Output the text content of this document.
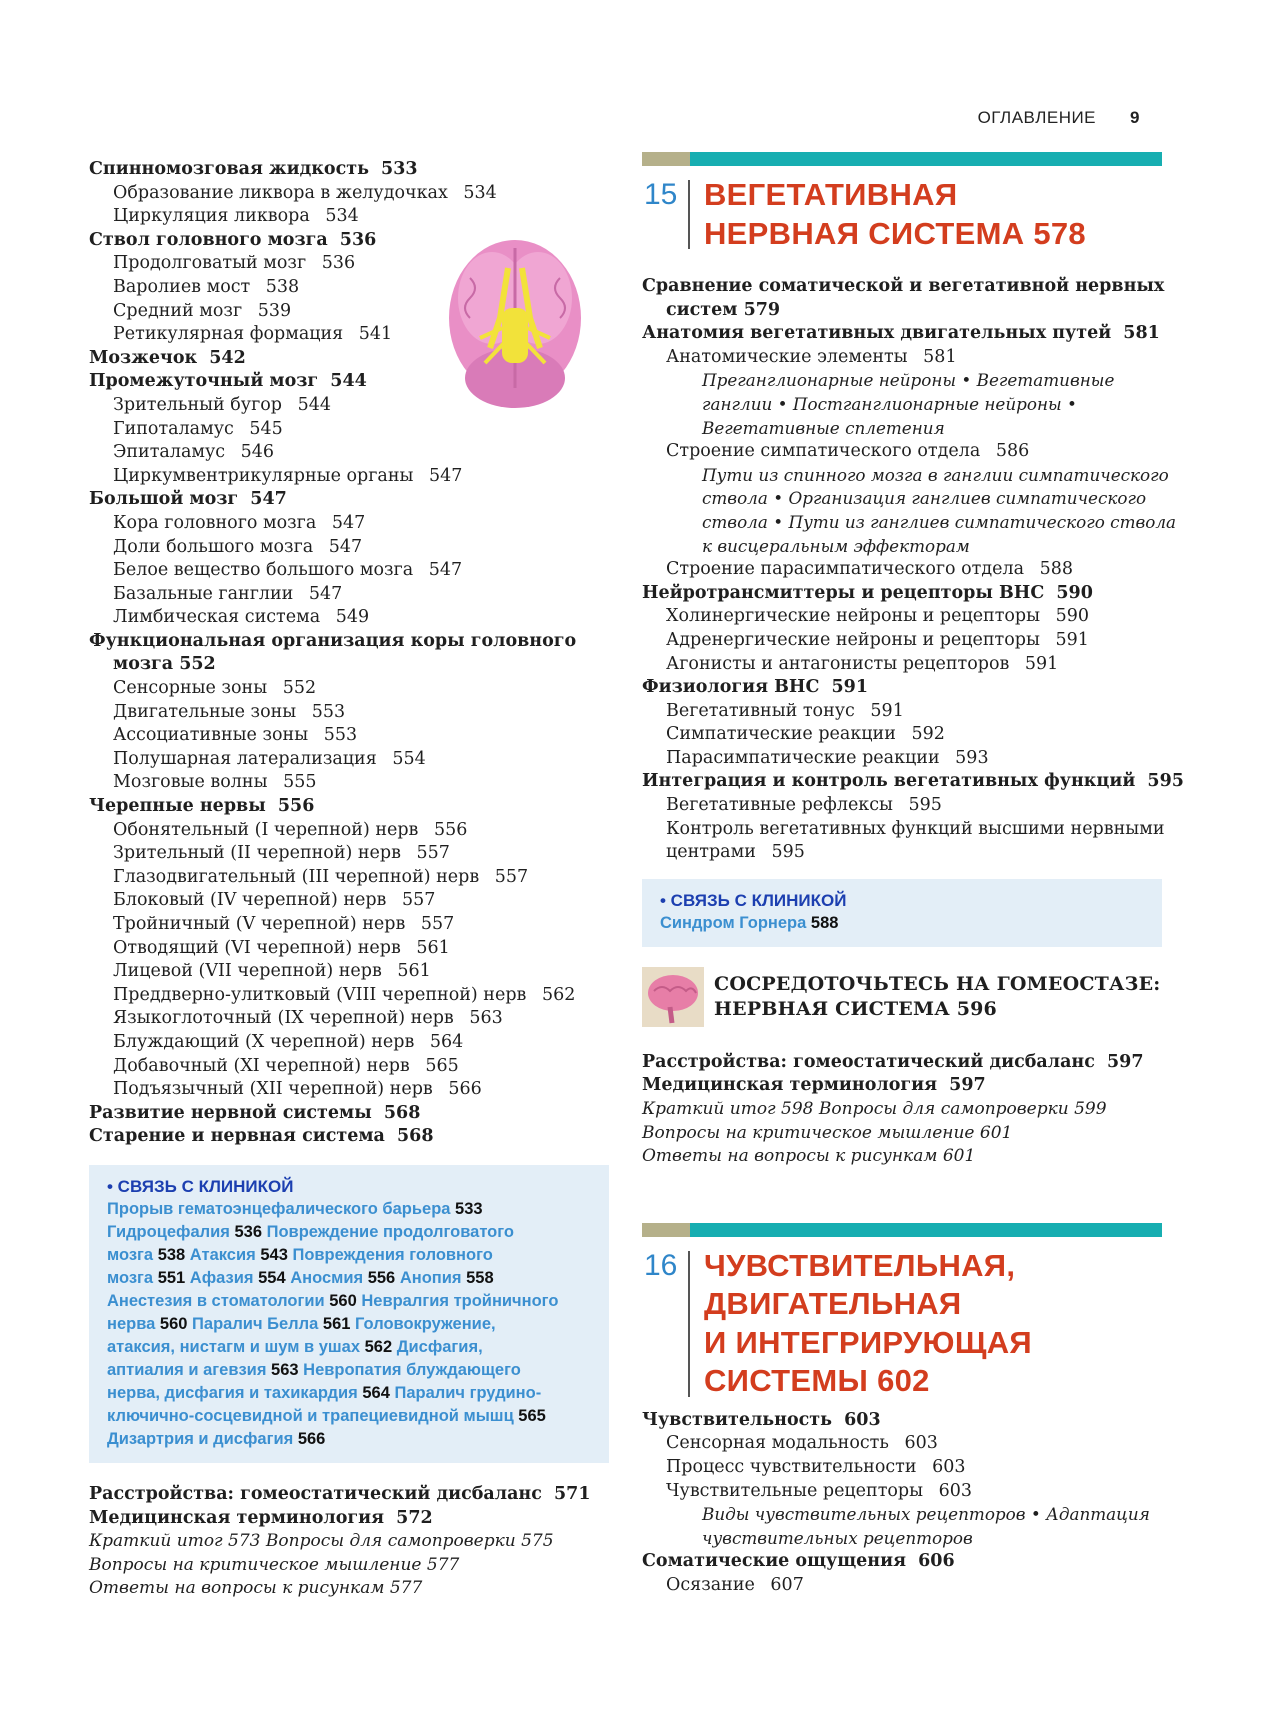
ОГЛАВЛЕНИЕ 9
Спинномозговая жидкость 533
Образование ликвора в желудочках 534
Циркуляция ликвора 534
Ствол головного мозга 536
Продолговатый мозг 536
Варолиев мост 538
Средний мозг 539
Ретикулярная формация 541
Мозжечок 542
Промежуточный мозг 544
Зрительный бугор 544
Гипоталамус 545
Эпиталамус 546
Циркумвентрикулярные органы 547
Большой мозг 547
Кора головного мозга 547
Доли большого мозга 547
Белое вещество большого мозга 547
Базальные ганглии 547
Лимбическая система 549
Функциональная организация коры головного
мозга 552
Сенсорные зоны 552
Двигательные зоны 553
Ассоциативные зоны 553
Полушарная латерализация 554
Мозговые волны 555
Черепные нервы 556
Обонятельный (I черепной) нерв 556
Зрительный (II черепной) нерв 557
Глазодвигательный (III черепной) нерв 557
Блоковый (IV черепной) нерв 557
Тройничный (V черепной) нерв 557
Отводящий (VI черепной) нерв 561
Лицевой (VII черепной) нерв 561
Преддверно-улитковый (VIII черепной) нерв 562
Языкоглоточный (IX черепной) нерв 563
Блуждающий (X черепной) нерв 564
Добавочный (XI черепной) нерв 565
Подъязычный (XII черепной) нерв 566
Развитие нервной системы 568
Старение и нервная система 568
• СВЯЗЬ С КЛИНИКОЙ
Прорыв гематоэнцефалического барьера 533
Гидроцефалия 536 Повреждение продолговатого
мозга 538 Атаксия 543 Повреждения головного
мозга 551 Афазия 554 Аносмия 556 Анопия 558
Анестезия в стоматологии 560 Невралгия тройничного
нерва 560 Паралич Белла 561 Головокружение,
атаксия, нистагм и шум в ушах 562 Дисфагия,
аптиалия и агевзия 563 Невропатия блуждающего
нерва, дисфагия и тахикардия 564 Паралич грудино-
ключично-сосцевидной и трапециевидной мышц 565
Дизартрия и дисфагия 566
Расстройства: гомеостатический дисбаланс 571
Медицинская терминология 572
Краткий итог 573 Вопросы для самопроверки 575
Вопросы на критическое мышление 577
Ответы на вопросы к рисункам 577
15 ВЕГЕТАТИВНАЯ
НЕРВНАЯ СИСТЕМА 578
Сравнение соматической и вегетативной нервных
систем 579
Анатомия вегетативных двигательных путей 581
Анатомические элементы 581
Преганглионарные нейроны • Вегетативные
ганглии • Постганглионарные нейроны •
Вегетативные сплетения
Строение симпатического отдела 586
Пути из спинного мозга в ганглии симпатического
ствола • Организация ганглиев симпатического
ствола • Пути из ганглиев симпатического ствола
к висцеральным эффекторам
Строение парасимпатического отдела 588
Нейротрансмиттеры и рецепторы ВНС 590
Холинергические нейроны и рецепторы 590
Адренергические нейроны и рецепторы 591
Агонисты и антагонисты рецепторов 591
Физиология ВНС 591
Вегетативный тонус 591
Симпатические реакции 592
Парасимпатические реакции 593
Интеграция и контроль вегетативных функций 595
Вегетативные рефлексы 595
Контроль вегетативных функций высшими нервными
центрами 595
• СВЯЗЬ С КЛИНИКОЙ
Синдром Горнера 588
СОСРЕДОТОЧЬТЕСЬ НА ГОМЕОСТАЗЕ:
НЕРВНАЯ СИСТЕМА 596
Расстройства: гомеостатический дисбаланс 597
Медицинская терминология 597
Краткий итог 598 Вопросы для самопроверки 599
Вопросы на критическое мышление 601
Ответы на вопросы к рисункам 601
16 ЧУВСТВИТЕЛЬНАЯ,
ДВИГАТЕЛЬНАЯ
И ИНТЕГРИРУЮЩАЯ
СИСТЕМЫ 602
Чувствительность 603
Сенсорная модальность 603
Процесс чувствительности 603
Чувствительные рецепторы 603
Виды чувствительных рецепторов • Адаптация
чувствительных рецепторов
Соматические ощущения 606
Осязание 607
